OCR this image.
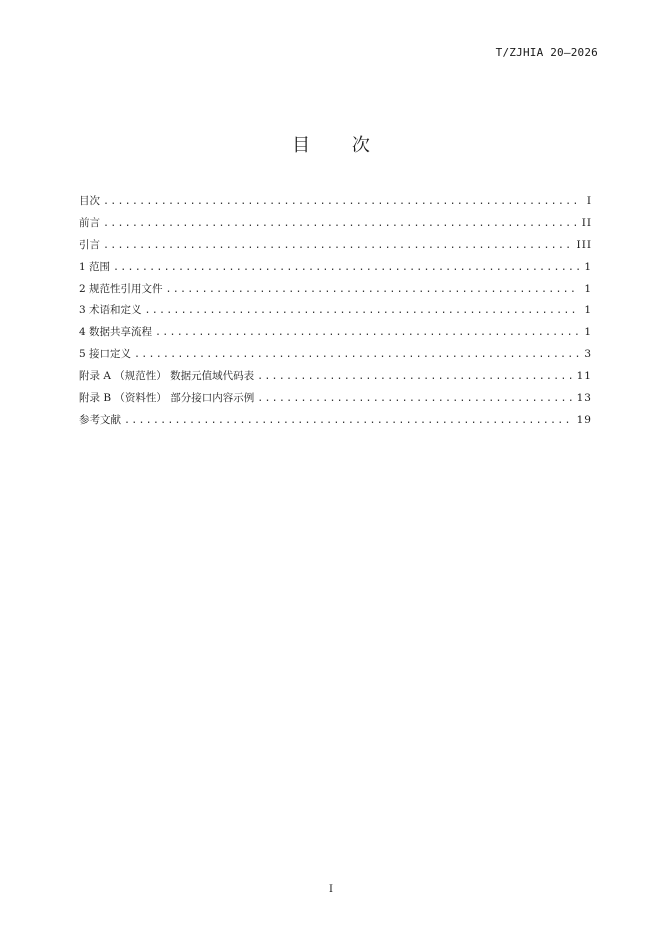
T/ZJHIA 20—2026
目 次
目次 .....	I
前言 .....	II
引言 .....	III
1 范围 .....	1
2 规范性引用文件 .....	1
3 术语和定义 .....	1
4 数据共享流程 .....	1
5 接口定义 .....	3
附录 A （规范性） 数据元值域代码表 .....	11
附录 B （资料性） 部分接口内容示例 .....	13
参考文献 .....	19
I
